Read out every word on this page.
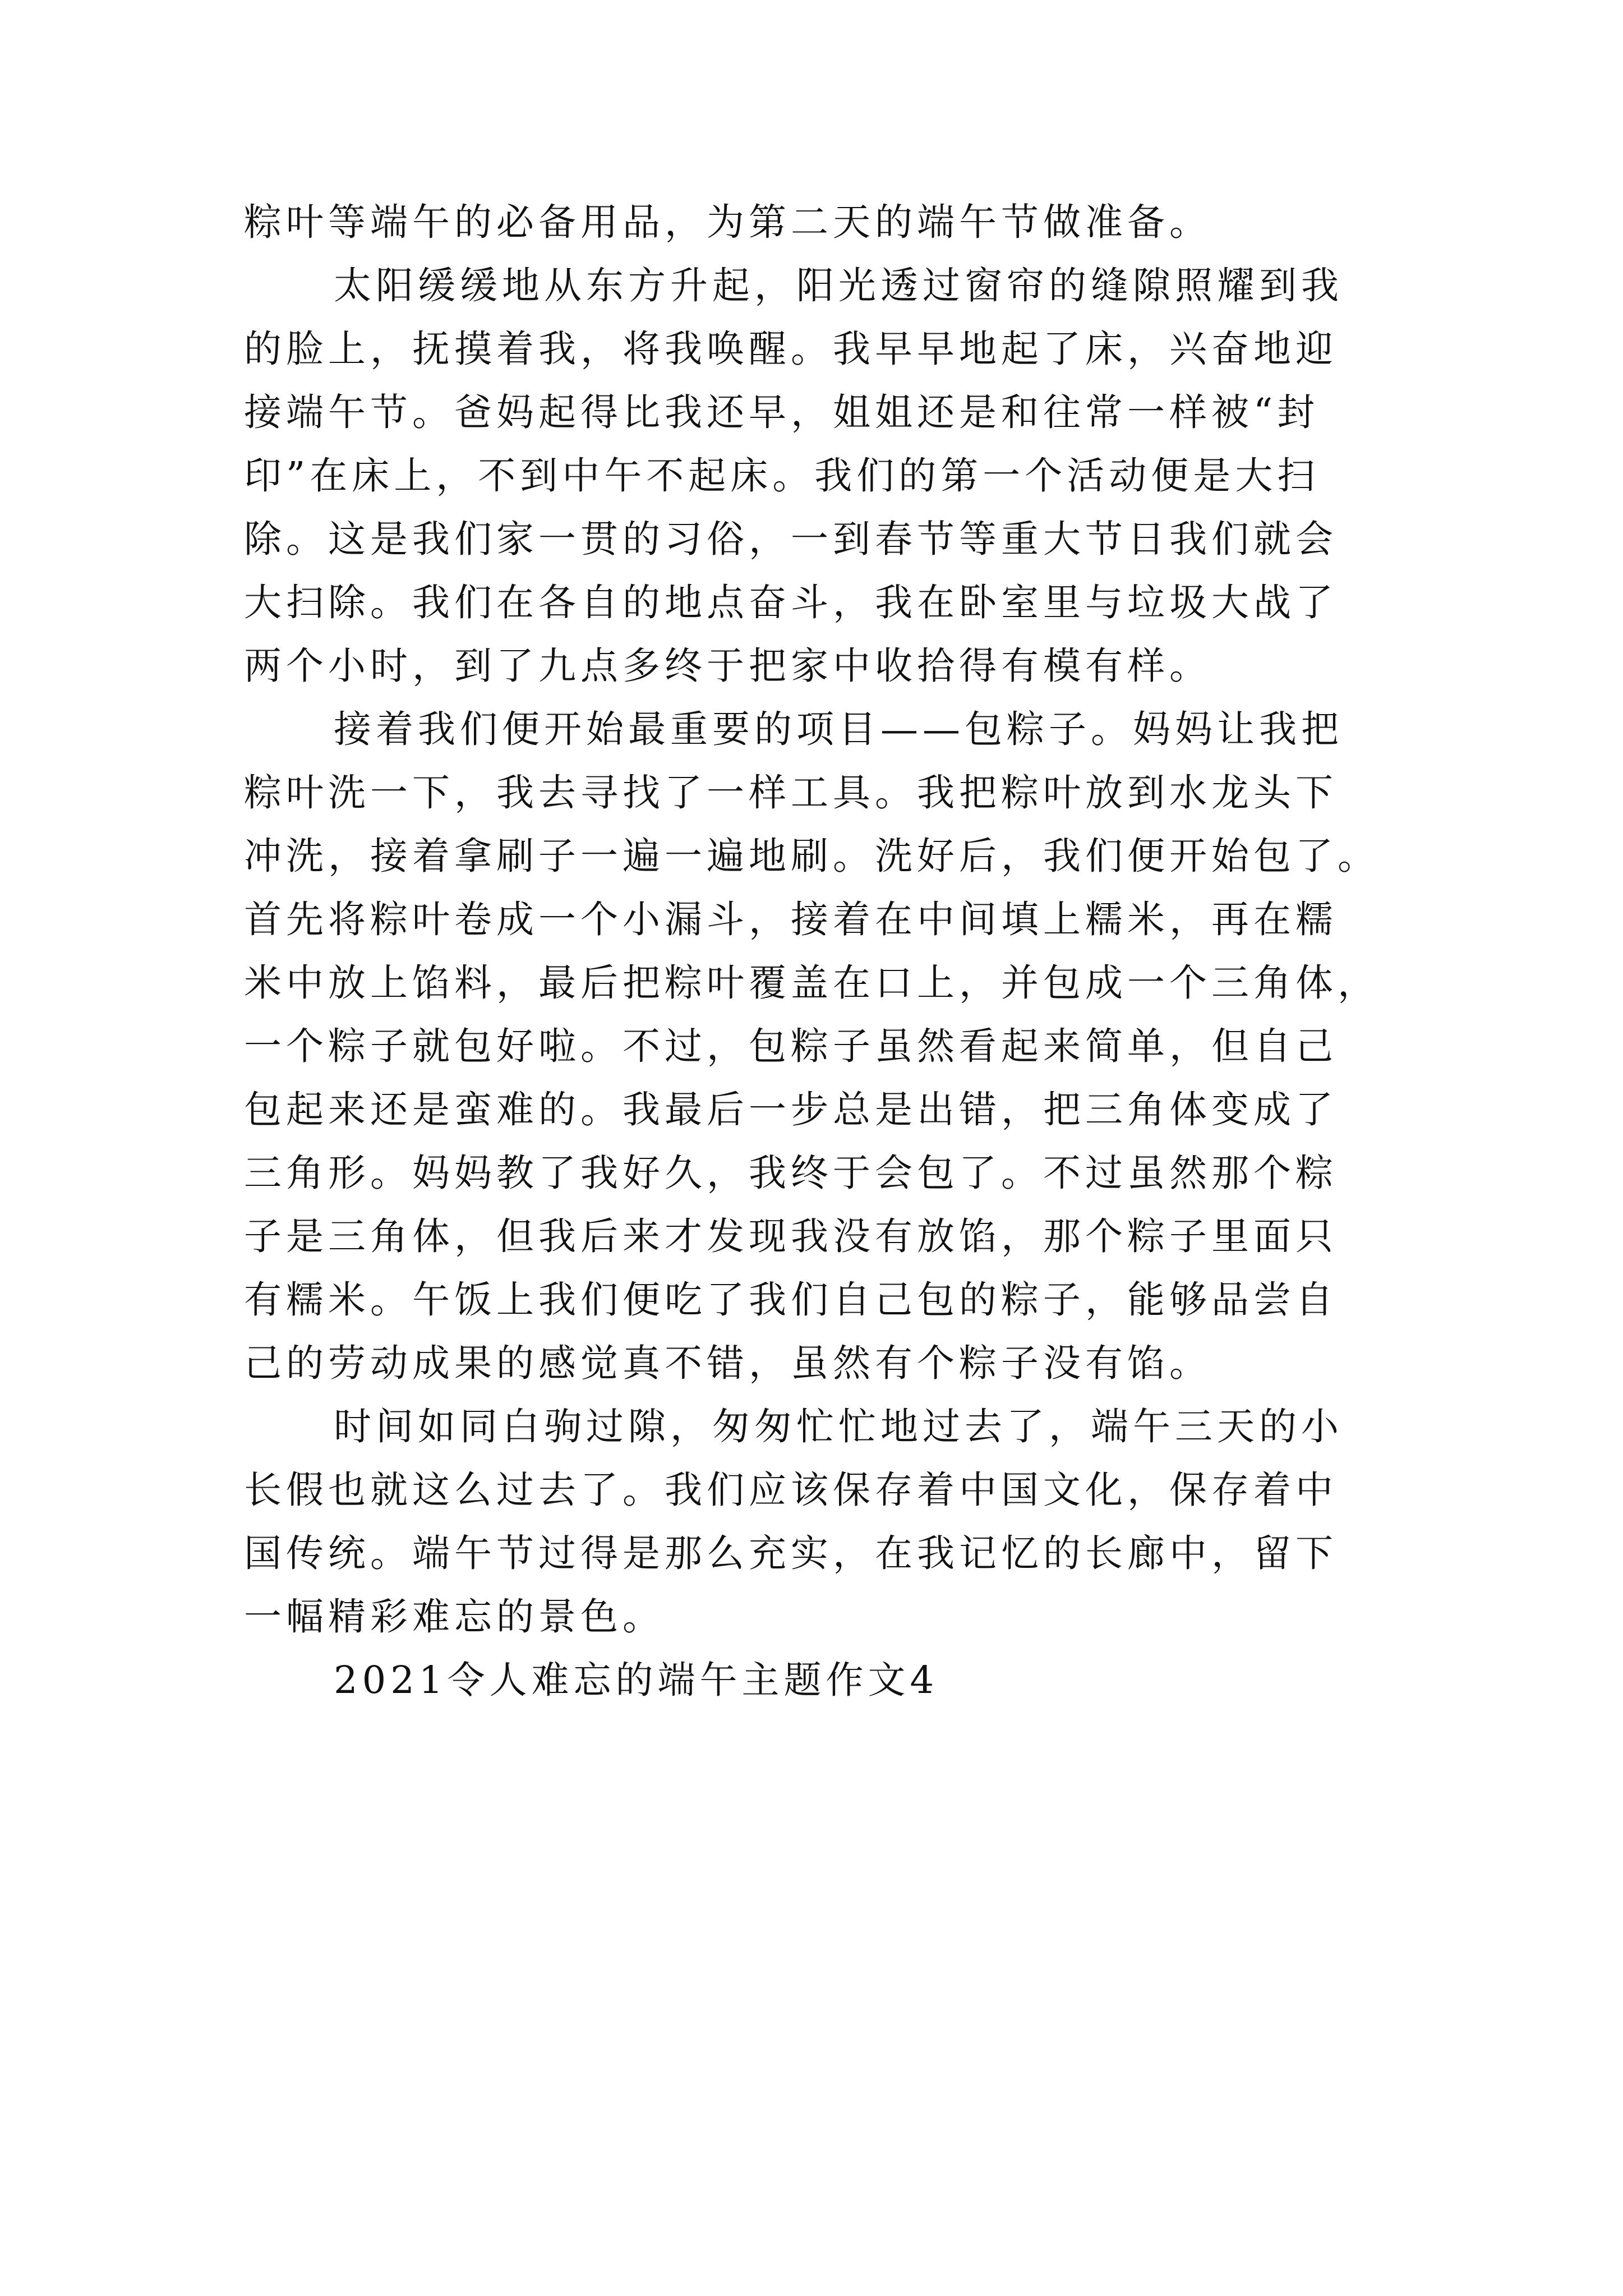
粽叶等端午的必备用品，为第二天的端午节做准备。
太阳缓缓地从东方升起，阳光透过窗帘的缝隙照耀到我
的脸上，抚摸着我，将我唤醒。我早早地起了床，兴奋地迎
接端午节。爸妈起得比我还早，姐姐还是和往常一样被“封
印”在床上，不到中午不起床。我们的第一个活动便是大扫
除。这是我们家一贯的习俗，一到春节等重大节日我们就会
大扫除。我们在各自的地点奋斗，我在卧室里与垃圾大战了
两个小时，到了九点多终于把家中收拾得有模有样。
接着我们便开始最重要的项目——包粽子。妈妈让我把
粽叶洗一下，我去寻找了一样工具。我把粽叶放到水龙头下
冲洗，接着拿刷子一遍一遍地刷。洗好后，我们便开始包了。
首先将粽叶卷成一个小漏斗，接着在中间填上糯米，再在糯
米中放上馅料，最后把粽叶覆盖在口上，并包成一个三角体，
一个粽子就包好啦。不过，包粽子虽然看起来简单，但自己
包起来还是蛮难的。我最后一步总是出错，把三角体变成了
三角形。妈妈教了我好久，我终于会包了。不过虽然那个粽
子是三角体，但我后来才发现我没有放馅，那个粽子里面只
有糯米。午饭上我们便吃了我们自己包的粽子，能够品尝自
己的劳动成果的感觉真不错，虽然有个粽子没有馅。
时间如同白驹过隙，匆匆忙忙地过去了，端午三天的小
长假也就这么过去了。我们应该保存着中国文化，保存着中
国传统。端午节过得是那么充实，在我记忆的长廊中，留下
一幅精彩难忘的景色。
2021令人难忘的端午主题作文4
